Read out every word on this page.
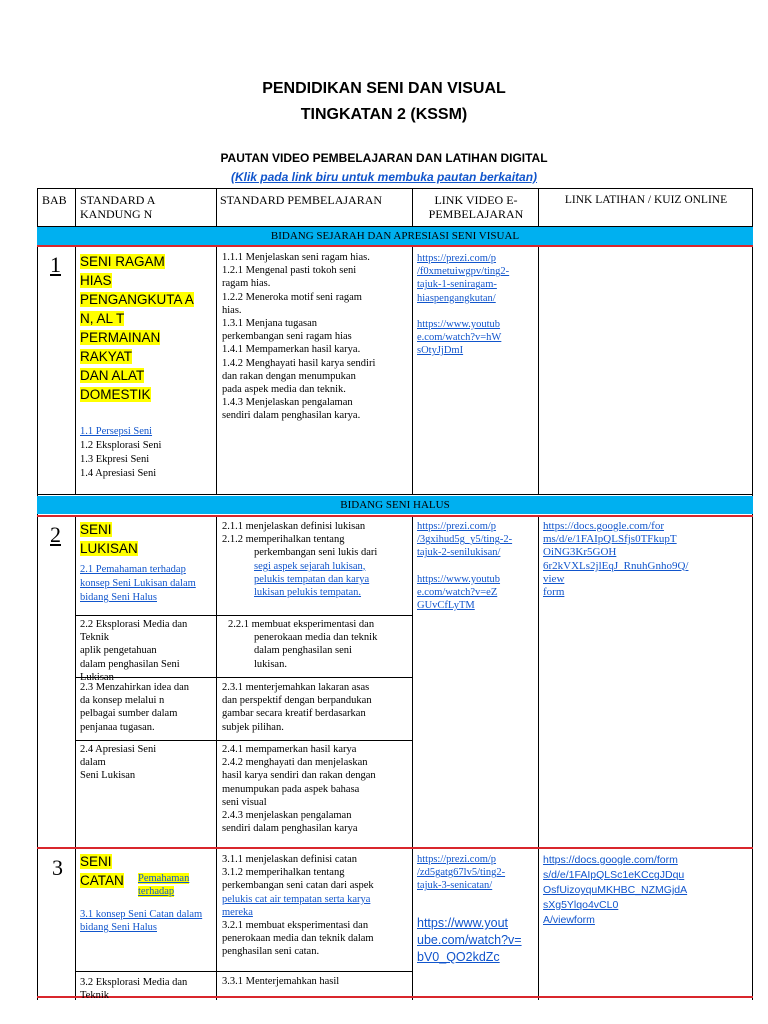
PENDIDIKAN SENI DAN VISUAL
TINGKATAN 2 (KSSM)
PAUTAN VIDEO PEMBELAJARAN DAN LATIHAN DIGITAL
(Klik pada link biru untuk membuka pautan berkaitan)
BAB STANDARD A

KANDUNG N

STANDARD PEMBELAJARAN	LINK VIDEO E-

PEMBELAJARAN

LINK LATIHAN / KUIZ ONLINE
BIDANG SEJARAH DAN APRESIASI SENI VISUAL
1 SENI RAGAM

HIAS

PENGANGKUTA A

N, AL T

PERMAINAN

RAKYAT

DAN ALAT

DOMESTIK

1.1 Persepsi Seni

1.2 Eksplorasi Seni

1.3 Ekpresi Seni

1.4 Apresiasi Seni

1.1.1 Menjelaskan seni ragam hias.

1.2.1 Mengenal pasti tokoh seni

ragam hias.

1.2.2 Meneroka motif seni ragam

hias.

1.3.1 Menjana tugasan

perkembangan seni ragam hias

1.4.1 Mempamerkan hasil karya.

1.4.2 Menghayati hasil karya sendiri

dan rakan dengan menumpukan

pada aspek media dan teknik.

1.4.3 Menjelaskan pengalaman

sendiri dalam penghasilan karya.

https://prezi.com/p

/f0xmetuiwgpv/ting2-

tajuk-1-seniragam-

hiaspengangkutan/

https://www.youtub

e.com/watch?v=hW

sOtyJjDmI

BIDANG SENI HALUS
2 SENI

LUKISAN

2.1 Pemahaman terhadap

konsep Seni Lukisan dalam

bidang Seni Halus

2.2 Eksplorasi Media dan Teknik

aplik pengetahuan

dalam penghasilan Seni

Lukisan

2.3 Menzahirkan idea dan

da konsep melalui n

pelbagai sumber dalam

penjanaa tugasan.

2.4 Apresiasi Seni

dalam

Seni Lukisan

2.1.1 menjelaskan definisi lukisan

2.1.2 memperihalkan tentang

perkembangan seni lukis dari

segi aspek sejarah lukisan,

pelukis tempatan dan karya

lukisan pelukis tempatan.

2.2.1 membuat eksperimentasi dan

penerokaan media dan teknik

dalam penghasilan seni

lukisan.

2.3.1 menterjemahkan lakaran asas

dan perspektif dengan berpandukan

gambar secara kreatif berdasarkan

subjek pilihan.

2.4.1 mempamerkan hasil karya

2.4.2 menghayati dan menjelaskan

hasil karya sendiri dan rakan dengan

menumpukan pada aspek bahasa

seni visual

2.4.3 menjelaskan pengalaman

sendiri dalam penghasilan karya

https://prezi.com/p

/3gxihud5g_y5/ting-2-

tajuk-2-senilukisan/

https://www.youtub

e.com/watch?v=eZ

GUvCfLyTM

https://docs.google.com/for

ms/d/e/1FAIpQLSfjs0TFkupT

OiNG3Kr5GOH

6r2kVXLs2jlEqJ_RnuhGnho9Q/

view

form

3 SENI

CATAN	Pemahaman terhadap

3.1 konsep Seni Catan dalam

bidang Seni Halus

3.2 Eksplorasi Media dan Teknik

3.1.1 menjelaskan definisi catan

3.1.2 memperihalkan tentang

perkembangan seni catan dari aspek

pelukis cat air tempatan serta karya

mereka

3.2.1 membuat eksperimentasi dan

penerokaan media dan teknik dalam

penghasilan seni catan.

3.3.1 Menterjemahkan hasil

https://prezi.com/p

/zd5gatg67lv5/ting2-

tajuk-3-senicatan/

https://www.yout

ube.com/watch?v=

bV0_QO2kdZc

https://docs.google.com/form

s/d/e/1FAIpQLSc1eKCcgJDqu

OsfUizoyquMKHBC_NZMGjdA

sXg5Ylqo4vCL0

A/viewform
